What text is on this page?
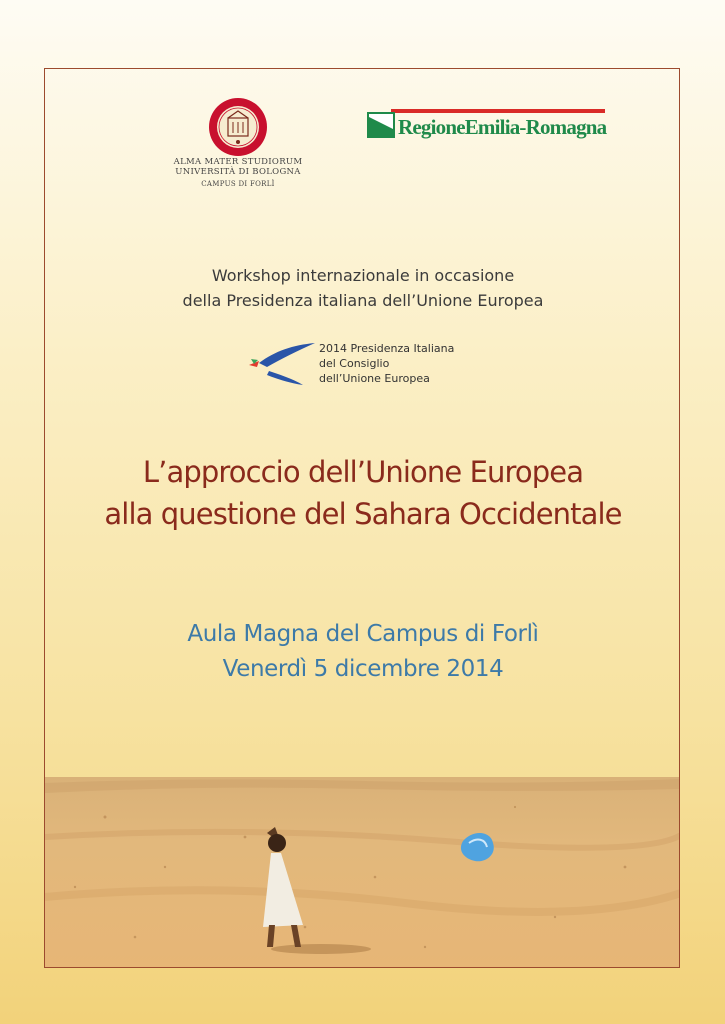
ALMA MATER STUDIORUM
UNIVERSITÀ DI BOLOGNA
CAMPUS DI FORLÌ
RegioneEmilia-Romagna
Workshop internazionale in occasione
della Presidenza italiana dell’Unione Europea
2014 Presidenza Italiana
del Consiglio
dell’Unione Europea
L’approccio dell’Unione Europea
alla questione del Sahara Occidentale
Aula Magna del Campus di Forlì
Venerdì 5 dicembre 2014
